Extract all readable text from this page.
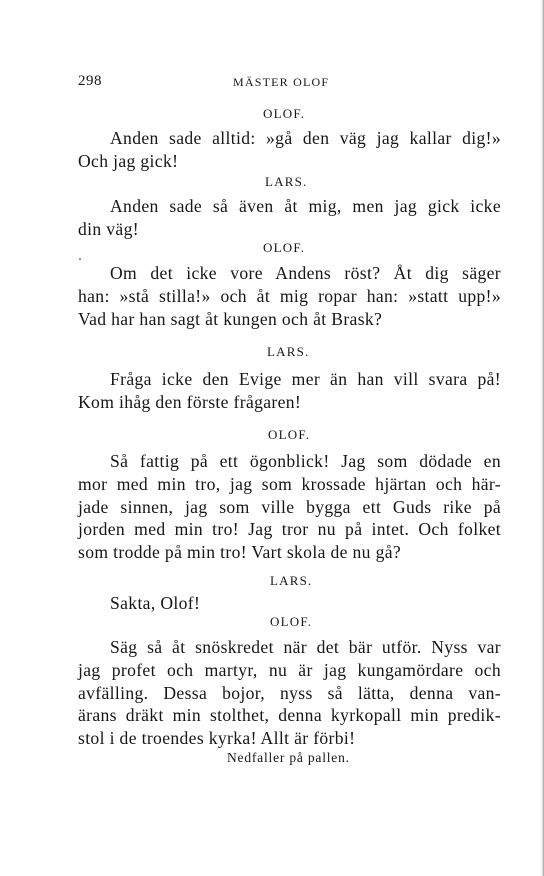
298	MÄSTER OLOF
OLOF.
Anden sade alltid: »gå den väg jag kallar dig!»
Och jag gick!
LARS.
Anden sade så även åt mig, men jag gick icke
din väg!
OLOF.
Om det icke vore Andens röst? Åt dig säger
han: »stå stilla!» och åt mig ropar han: »statt upp!»
Vad har han sagt åt kungen och åt Brask?
LARS.
Fråga icke den Evige mer än han vill svara på!
Kom ihåg den förste frågaren!
OLOF.
Så fattig på ett ögonblick! Jag som dödade en
mor med min tro, jag som krossade hjärtan och här-
jade sinnen, jag som ville bygga ett Guds rike på
jorden med min tro! Jag tror nu på intet. Och folket
som trodde på min tro! Vart skola de nu gå?
LARS.
Sakta, Olof!
OLOF.
Säg så åt snöskredet när det bär utför. Nyss var
jag profet och martyr, nu är jag kungamördare och
avfälling. Dessa bojor, nyss så lätta, denna van-
ärans dräkt min stolthet, denna kyrkopall min predik-
stol i de troendes kyrka! Allt är förbi!
Nedfaller på pallen.
